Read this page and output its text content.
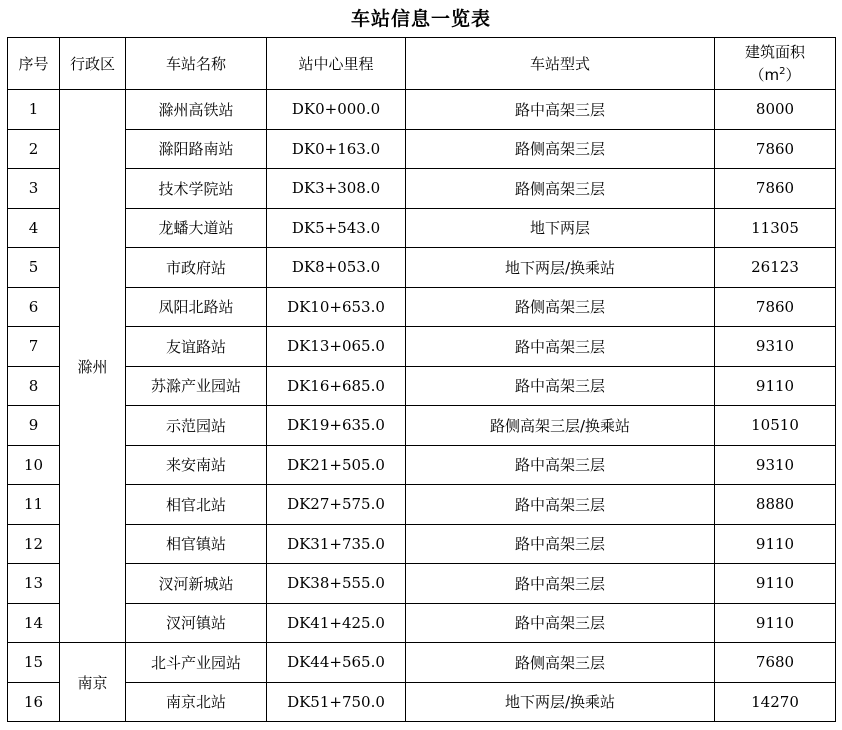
车站信息一览表
序号	行政区	车站名称	站中心里程	车站型式	建筑面积
$(m^2)$

1	滁州	滁州高铁站	DK0+000.0	路中高架三层	8000
2		滁阳路南站	DK0+163.0	路侧高架三层	7860
3		技术学院站	DK3+308.0	路侧高架三层	7860
4		龙蟠大道站	DK5+543.0	地下两层	11305
5		市政府站	DK8+053.0	地下两层/换乘站	26123
6		凤阳北路站	DK10+653.0	路侧高架三层	7860
7		友谊路站	DK13+065.0	路中高架三层	9310
8		苏滁产业园站	DK16+685.0	路中高架三层	9110
9		示范园站	DK19+635.0	路侧高架三层/换乘站	10510
10		来安南站	DK21+505.0	路中高架三层	9310
11		相官北站	DK27+575.0	路中高架三层	8880
12		相官镇站	DK31+735.0	路中高架三层	9110
13		汊河新城站	DK38+555.0	路中高架三层	9110
14		汊河镇站	DK41+425.0	路中高架三层	9110
15	南京	北斗产业园站	DK44+565.0	路侧高架三层	7680
16		南京北站	DK51+750.0	地下两层/换乘站	14270
